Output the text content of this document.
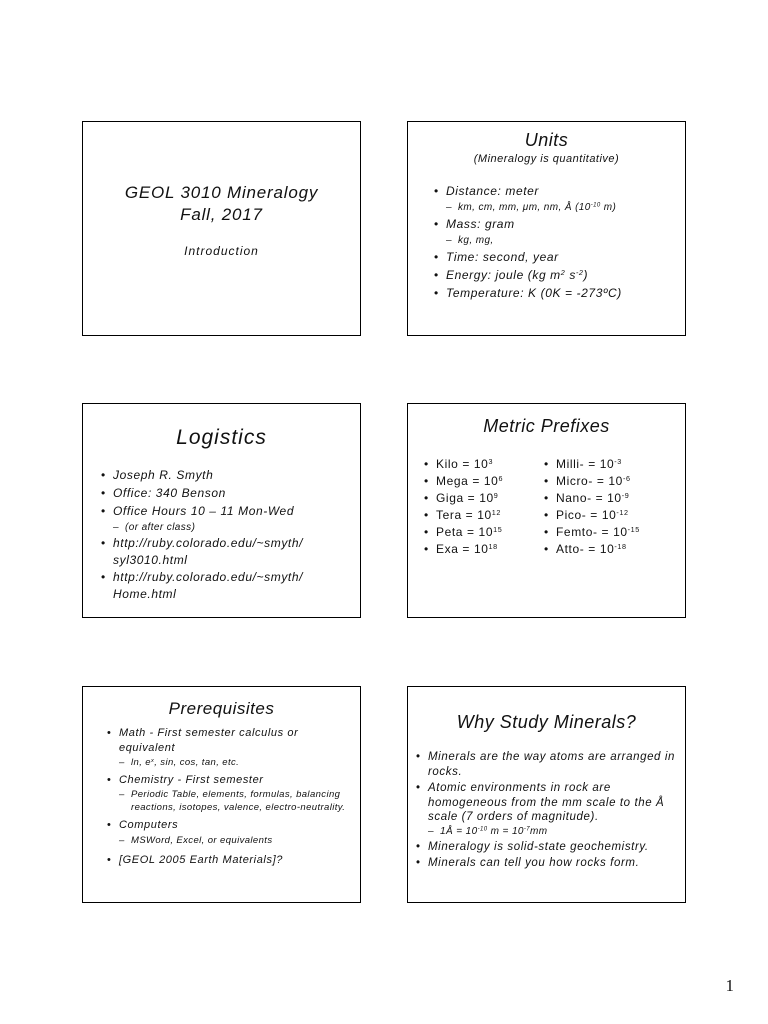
GEOL 3010 Mineralogy
Fall, 2017
Introduction
Units
(Mineralogy is quantitative)
• Distance: meter
– km, cm, mm, μm, nm, Å ($10^{-10}$ m)
• Mass: gram
– kg, mg,
• Time: second, year
• Energy: joule (kg $m^2$ $s^{-2}$)
• Temperature: K (0K = -273ºC)
Logistics
• Joseph R. Smyth
• Office: 340 Benson
• Office Hours 10 – 11 Mon-Wed
– (or after class)
• http://ruby.colorado.edu/~smyth/ syl3010.html
• http://ruby.colorado.edu/~smyth/ Home.html
Metric Prefixes
• Kilo = $10^3$
• Mega = $10^6$
• Giga = $10^9$
• Tera = $10^{12}$
• Peta = $10^{15}$
• Exa = $10^{18}$
• Milli- = $10^{-3}$
• Micro- = $10^{-6}$
• Nano- = $10^{-9}$
• Pico- = $10^{-12}$
• Femto- = $10^{-15}$
• Atto- = $10^{-18}$
Prerequisites
• Math - First semester calculus or equivalent
– ln, $e^x$, sin, cos, tan, etc.
• Chemistry - First semester
– Periodic Table, elements, formulas, balancing reactions, isotopes, valence, electro-neutrality.
• Computers
– MSWord, Excel, or equivalents
• [GEOL 2005 Earth Materials]?
Why Study Minerals?
• Minerals are the way atoms are arranged in rocks.
• Atomic environments in rock are homogeneous from the mm scale to the Å scale (7 orders of magnitude).
– 1Å = $10^{-10}$ $m = 10^{-7}mm$
• Mineralogy is solid-state geochemistry.
• Minerals can tell you how rocks form.
1
